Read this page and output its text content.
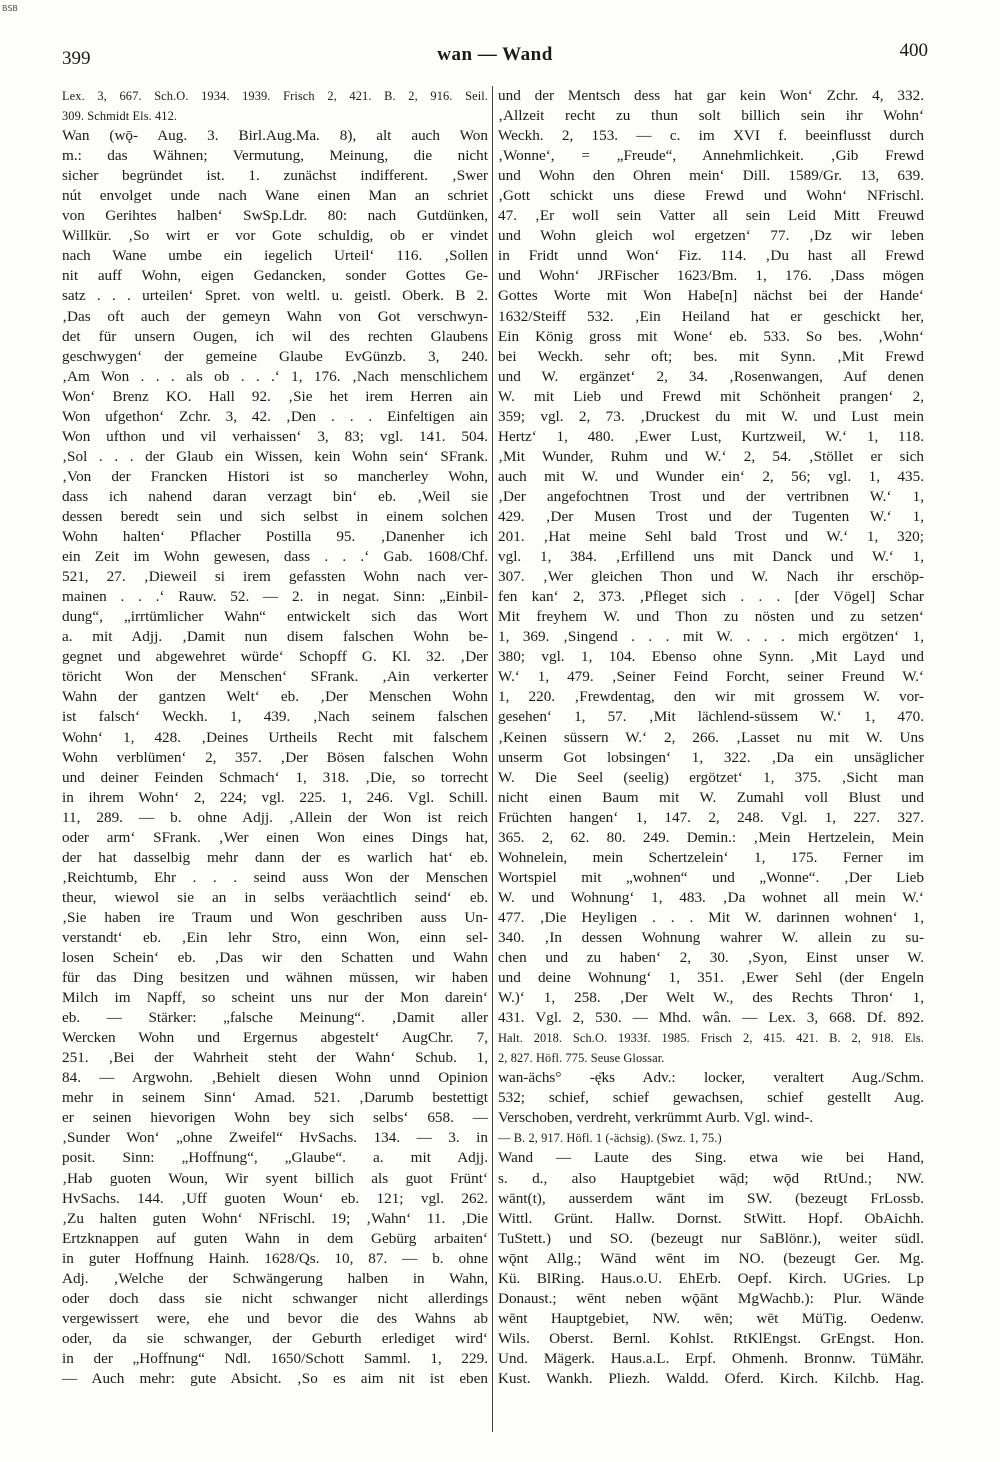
BSB
399	wan — Wand	400
Lex. 3, 667. Sch.O. 1934. 1939. Frisch 2, 421. B. 2, 916. Seil.
309. Schmidt Els. 412.
Wan (wǭ- Aug. 3. Birl.Aug.Ma. 8), alt auch Won
m.: das Wähnen; Vermutung, Meinung, die nicht
sicher begründet ist. 1. zunächst indifferent. ‚Swer
nút envolget unde nach Wane einen Man an schriet
von Gerihtes halben‘ SwSp.Ldr. 80: nach Gutdünken,
Willkür. ‚So wirt er vor Gote schuldig, ob er vindet
nach Wane umbe ein iegelich Urteil‘ 116. ‚Sollen
nit auff Wohn, eigen Gedancken, sonder Gottes Ge-
satz . . . urteilen‘ Spret. von weltl. u. geistl. Oberk. B 2.
‚Das oft auch der gemeyn Wahn von Got verschwyn-
det für unsern Ougen, ich wil des rechten Glaubens
geschwygen‘ der gemeine Glaube EvGünzb. 3, 240.
‚Am Won . . . als ob . . .‘ 1, 176. ‚Nach menschlichem
Won‘ Brenz KO. Hall 92. ‚Sie het irem Herren ain
Won ufgethon‘ Zchr. 3, 42. ‚Den . . . Einfeltigen ain
Won ufthon und vil verhaissen‘ 3, 83; vgl. 141. 504.
‚Sol . . . der Glaub ein Wissen, kein Wohn sein‘ SFrank.
‚Von der Francken Histori ist so mancherley Wohn,
dass ich nahend daran verzagt bin‘ eb. ‚Weil sie
dessen beredt sein und sich selbst in einem solchen
Wohn halten‘ Pflacher Postilla 95. ‚Danenher ich
ein Zeit im Wohn gewesen, dass . . .‘ Gab. 1608/Chf.
521, 27. ‚Dieweil si irem gefassten Wohn nach ver-
mainen . . .‘ Rauw. 52. — 2. in negat. Sinn: „Einbil-
dung“, „irrtümlicher Wahn“ entwickelt sich das Wort
a. mit Adjj. ‚Damit nun disem falschen Wohn be-
gegnet und abgewehret würde‘ Schopff G. Kl. 32. ‚Der
töricht Won der Menschen‘ SFrank. ‚Ain verkerter
Wahn der gantzen Welt‘ eb. ‚Der Menschen Wohn
ist falsch‘ Weckh. 1, 439. ‚Nach seinem falschen
Wohn‘ 1, 428. ‚Deines Urtheils Recht mit falschem
Wohn verblümen‘ 2, 357. ‚Der Bösen falschen Wohn
und deiner Feinden Schmach‘ 1, 318. ‚Die, so torrecht
in ihrem Wohn‘ 2, 224; vgl. 225. 1, 246. Vgl. Schill.
11, 289. — b. ohne Adjj. ‚Allein der Won ist reich
oder arm‘ SFrank. ‚Wer einen Won eines Dings hat,
der hat dasselbig mehr dann der es warlich hat‘ eb.
‚Reichtumb, Ehr . . . seind auss Won der Menschen
theur, wiewol sie an in selbs veräachtlich seind‘ eb.
‚Sie haben ire Traum und Won geschriben auss Un-
verstandt‘ eb. ‚Ein lehr Stro, einn Won, einn sel-
losen Schein‘ eb. ‚Das wir den Schatten und Wahn
für das Ding besitzen und wähnen müssen, wir haben
Milch im Napff, so scheint uns nur der Mon darein‘
eb. — Stärker: „falsche Meinung“. ‚Damit aller
Wercken Wohn und Ergernus abgestelt‘ AugChr. 7,
251. ‚Bei der Wahrheit steht der Wahn‘ Schub. 1,
84. — Argwohn. ‚Behielt diesen Wohn unnd Opinion
mehr in seinem Sinn‘ Amad. 521. ‚Darumb bestettigt
er seinen hievorigen Wohn bey sich selbs‘ 658. —
‚Sunder Won‘ „ohne Zweifel“ HvSachs. 134. — 3. in
posit. Sinn: „Hoffnung“, „Glaube“. a. mit Adjj.
‚Hab guoten Woun, Wir syent billich als guot Frünt‘
HvSachs. 144. ‚Uff guoten Woun‘ eb. 121; vgl. 262.
‚Zu halten guten Wohn‘ NFrischl. 19; ‚Wahn‘ 11. ‚Die
Ertzknappen auf guten Wahn in dem Gebürg arbaiten‘
in guter Hoffnung Hainh. 1628/Qs. 10, 87. — b. ohne
Adj. ‚Welche der Schwängerung halben in Wahn,
oder doch dass sie nicht schwanger nicht allerdings
vergewissert were, ehe und bevor die des Wahns ab
oder, da sie schwanger, der Geburth erlediget wird‘
in der „Hoffnung“ Ndl. 1650/Schott Samml. 1, 229.
— Auch mehr: gute Absicht. ‚So es aim nit ist eben
und der Mentsch dess hat gar kein Won‘ Zchr. 4, 332.
‚Allzeit recht zu thun solt billich sein ihr Wohn‘
Weckh. 2, 153. — c. im XVI f. beeinflusst durch
‚Wonne‘, = „Freude“, Annehmlichkeit. ‚Gib Frewd
und Wohn den Ohren mein‘ Dill. 1589/Gr. 13, 639.
‚Gott schickt uns diese Frewd und Wohn‘ NFrischl.
47. ‚Er woll sein Vatter all sein Leid Mitt Freuwd
und Wohn gleich wol ergetzen‘ 77. ‚Dz wir leben
in Fridt unnd Won‘ Fiz. 114. ‚Du hast all Frewd
und Wohn‘ JRFischer 1623/Bm. 1, 176. ‚Dass mögen
Gottes Worte mit Won Habe[n] nächst bei der Hande‘
1632/Steiff 532. ‚Ein Heiland hat er geschickt her,
Ein König gross mit Wone‘ eb. 533. So bes. ‚Wohn‘
bei Weckh. sehr oft; bes. mit Synn. ‚Mit Frewd
und W. ergänzet‘ 2, 34. ‚Rosenwangen, Auf denen
W. mit Lieb und Frewd mit Schönheit prangen‘ 2,
359; vgl. 2, 73. ‚Druckest du mit W. und Lust mein
Hertz‘ 1, 480. ‚Ewer Lust, Kurtzweil, W.‘ 1, 118.
‚Mit Wunder, Ruhm und W.‘ 2, 54. ‚Stöllet er sich
auch mit W. und Wunder ein‘ 2, 56; vgl. 1, 435.
‚Der angefochtnen Trost und der vertribnen W.‘ 1,
429. ‚Der Musen Trost und der Tugenten W.‘ 1,
201. ‚Hat meine Sehl bald Trost und W.‘ 1, 320;
vgl. 1, 384. ‚Erfillend uns mit Danck und W.‘ 1,
307. ‚Wer gleichen Thon und W. Nach ihr erschöp-
fen kan‘ 2, 373. ‚Pfleget sich . . . [der Vögel] Schar
Mit freyhem W. und Thon zu nösten und zu setzen‘
1, 369. ‚Singend . . . mit W. . . . mich ergötzen‘ 1,
380; vgl. 1, 104. Ebenso ohne Synn. ‚Mit Layd und
W.‘ 1, 479. ‚Seiner Feind Forcht, seiner Freund W.‘
1, 220. ‚Frewdentag, den wir mit grossem W. vor-
gesehen‘ 1, 57. ‚Mit lächlend-süssem W.‘ 1, 470.
‚Keinen süssern W.‘ 2, 266. ‚Lasset nu mit W. Uns
unserm Got lobsingen‘ 1, 322. ‚Da ein unsäglicher
W. Die Seel (seelig) ergötzet‘ 1, 375. ‚Sicht man
nicht einen Baum mit W. Zumahl voll Blust und
Früchten hangen‘ 1, 147. 2, 248. Vgl. 1, 227. 327.
365. 2, 62. 80. 249. Demin.: ‚Mein Hertzelein, Mein
Wohnelein, mein Schertzelein‘ 1, 175. Ferner im
Wortspiel mit „wohnen“ und „Wonne“. ‚Der Lieb
W. und Wohnung‘ 1, 483. ‚Da wohnet all mein W.‘
477. ‚Die Heyligen . . . Mit W. darinnen wohnen‘ 1,
340. ‚In dessen Wohnung wahrer W. allein zu su-
chen und zu haben‘ 2, 30. ‚Syon, Einst unser W.
und deine Wohnung‘ 1, 351. ‚Ewer Sehl (der Engeln
W.)‘ 1, 258. ‚Der Welt W., des Rechts Thron‘ 1,
431. Vgl. 2, 530. — Mhd. wân. — Lex. 3, 668. Df. 892.
Halt. 2018. Sch.O. 1933f. 1985. Frisch 2, 415. 421. B. 2, 918. Els.
2, 827. Höfl. 775. Seuse Glossar.
wan-ächs° -ę̄ks Adv.: locker, veraltert Aug./Schm.
532; schief, schief gewachsen, schief gestellt Aug.
Verschoben, verdreht, verkrümmt Aurb. Vgl. wind-.
— B. 2, 917. Höfl. 1 (-ächsig). (Swz. 1, 75.)
Wand — Laute des Sing. etwa wie bei Hand,
s. d., also Hauptgebiet wā̜d; wǭd RtUnd.; NW.
wānt(t), ausserdem wānt im SW. (bezeugt FrLossb.
Wittl. Grünt. Hallw. Dornst. StWitt. Hopf. ObAichh.
TuStett.) und SO. (bezeugt nur SaBlönr.), weiter südl.
wǭnt Allg.; Wānd wēnt im NO. (bezeugt Ger. Mg.
Kü. BlRing. Haus.o.U. EhErb. Oepf. Kirch. UGries. Lp
Donaust.; wēnt neben wǭānt MgWachb.): Plur. Wände
wēnt Hauptgebiet, NW. wēn; wēt MüTig. Oedenw.
Wils. Oberst. Bernl. Kohlst. RtKlEngst. GrEngst. Hon.
Und. Mägerk. Haus.a.L. Erpf. Ohmenh. Bronnw. TüMähr.
Kust. Wankh. Pliezh. Waldd. Oferd. Kirch. Kilchb. Hag.
